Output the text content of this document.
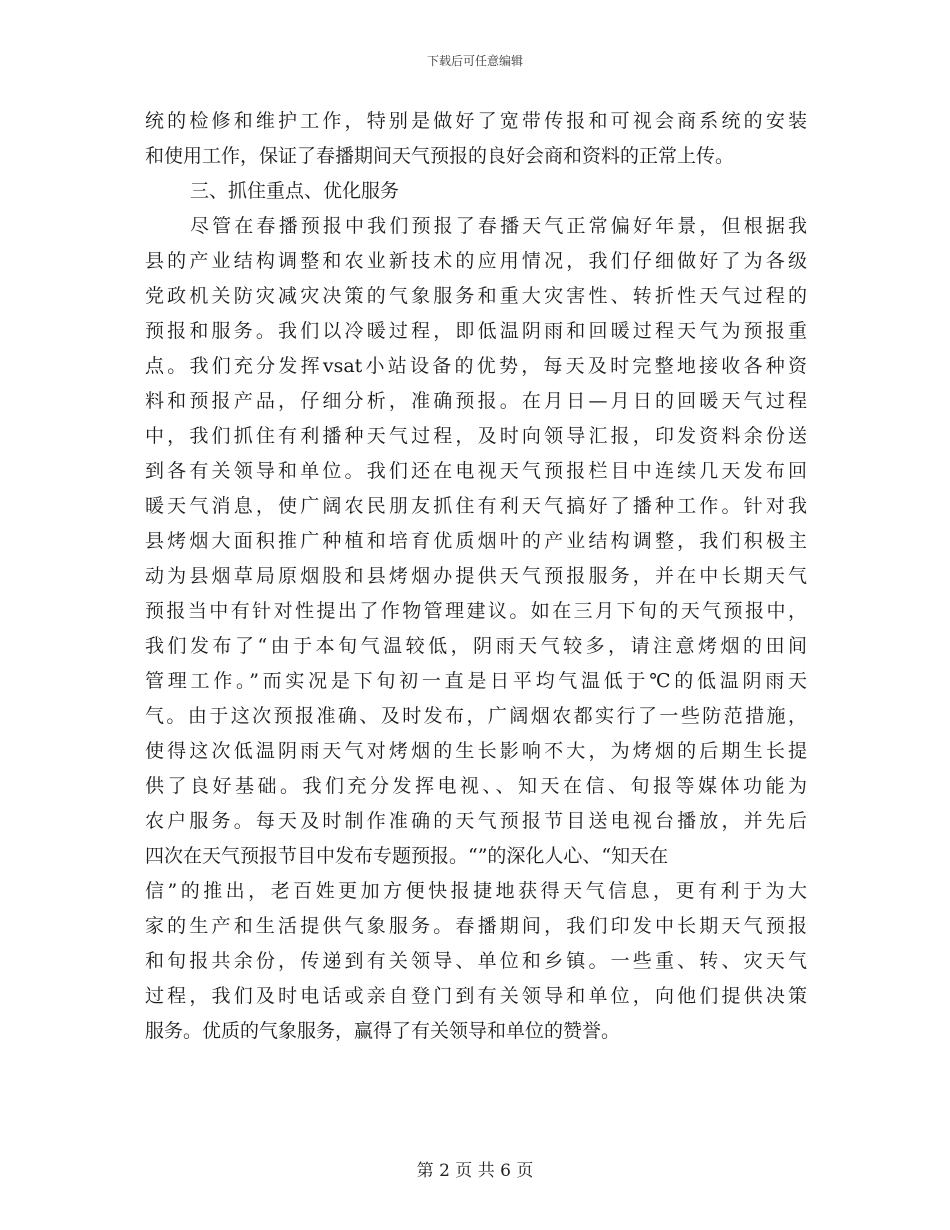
下载后可任意编辑
统的检修和维护工作，特别是做好了宽带传报和可视会商系统的安装
和使用工作，保证了春播期间天气预报的良好会商和资料的正常上传。
三、抓住重点、优化服务
尽管在春播预报中我们预报了春播天气正常偏好年景，但根据我
县的产业结构调整和农业新技术的应用情况，我们仔细做好了为各级
党政机关防灾减灾决策的气象服务和重大灾害性、转折性天气过程的
预报和服务。我们以冷暖过程，即低温阴雨和回暖过程天气为预报重
点。我们充分发挥vsat小站设备的优势，每天及时完整地接收各种资
料和预报产品，仔细分析，准确预报。在月日—月日的回暖天气过程
中，我们抓住有利播种天气过程，及时向领导汇报，印发资料余份送
到各有关领导和单位。我们还在电视天气预报栏目中连续几天发布回
暖天气消息，使广阔农民朋友抓住有利天气搞好了播种工作。针对我
县烤烟大面积推广种植和培育优质烟叶的产业结构调整，我们积极主
动为县烟草局原烟股和县烤烟办提供天气预报服务，并在中长期天气
预报当中有针对性提出了作物管理建议。如在三月下旬的天气预报中，
我们发布了“由于本旬气温较低，阴雨天气较多，请注意烤烟的田间
管理工作。”而实况是下旬初一直是日平均气温低于℃的低温阴雨天
气。由于这次预报准确、及时发布，广阔烟农都实行了一些防范措施，
使得这次低温阴雨天气对烤烟的生长影响不大，为烤烟的后期生长提
供了良好基础。我们充分发挥电视、、知天在信、旬报等媒体功能为
农户服务。每天及时制作准确的天气预报节目送电视台播放，并先后
四次在天气预报节目中发布专题预报。“”的深化人心、“知天在
信”的推出，老百姓更加方便快报捷地获得天气信息，更有利于为大
家的生产和生活提供气象服务。春播期间，我们印发中长期天气预报
和旬报共余份，传递到有关领导、单位和乡镇。一些重、转、灾天气
过程，我们及时电话或亲自登门到有关领导和单位，向他们提供决策
服务。优质的气象服务，赢得了有关领导和单位的赞誉。
第 2 页 共 6 页
